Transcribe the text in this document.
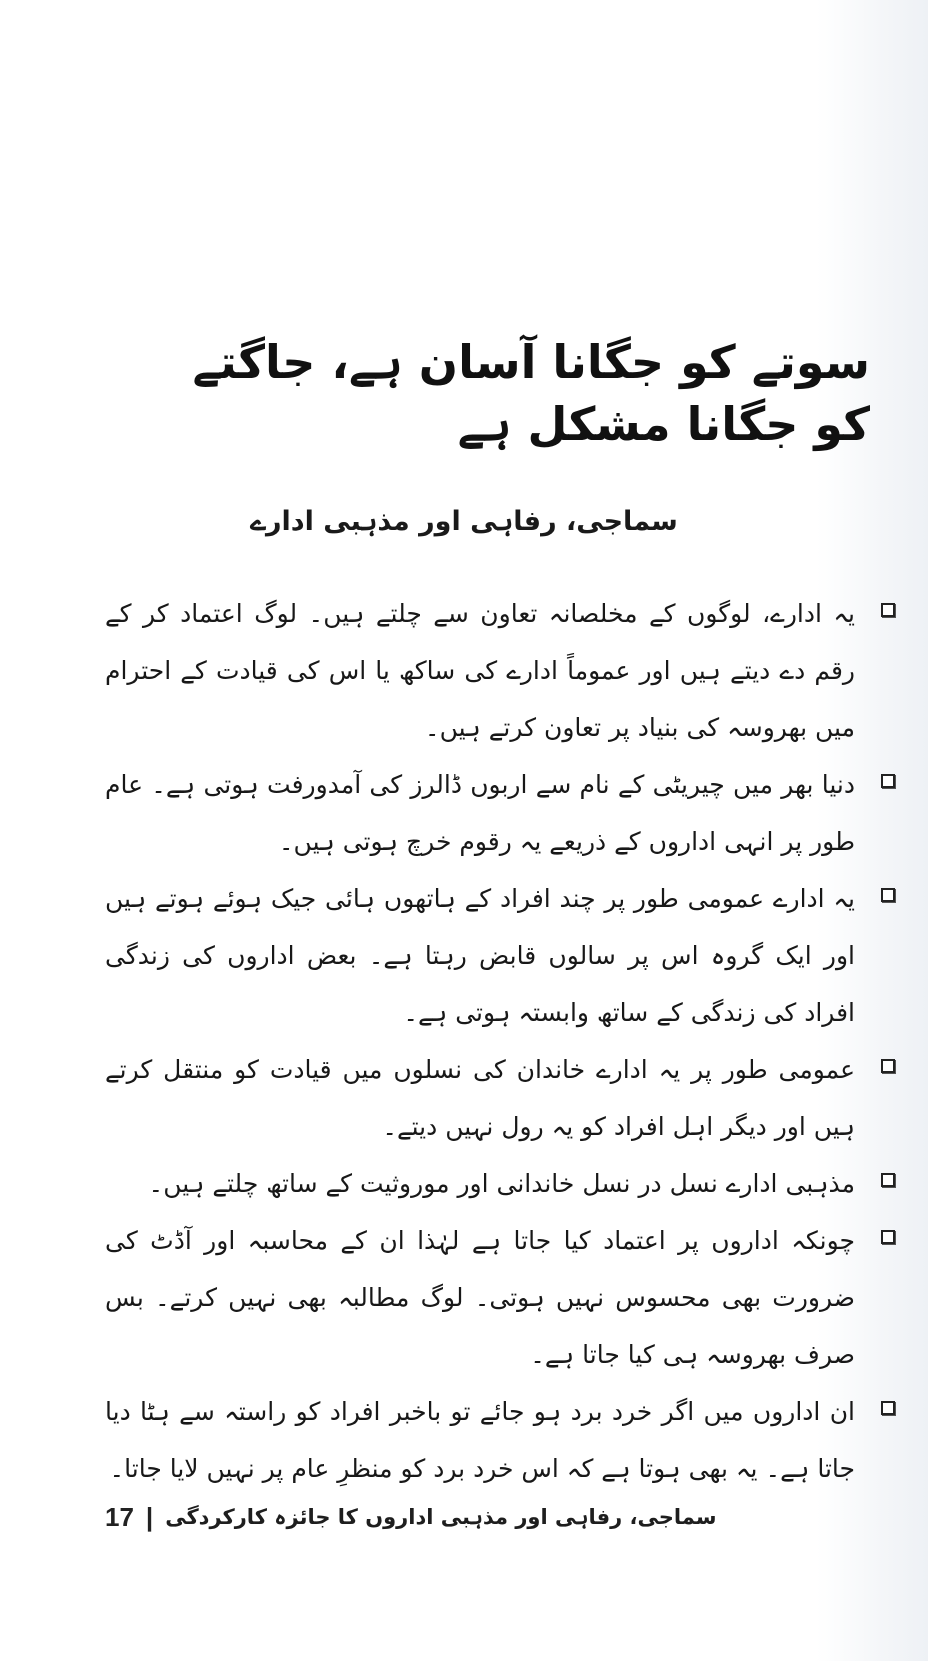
سوتے کو جگانا آسان ہے، جاگتے کو جگانا مشکل ہے
سماجی، رفاہی اور مذہبی ادارے
یہ ادارے، لوگوں کے مخلصانہ تعاون سے چلتے ہیں۔ لوگ اعتماد کر کے رقم دے دیتے ہیں اور عموماً ادارے کی ساکھ یا اس کی قیادت کے احترام میں بھروسہ کی بنیاد پر تعاون کرتے ہیں۔
دنیا بھر میں چیریٹی کے نام سے اربوں ڈالرز کی آمدورفت ہوتی ہے۔ عام طور پر انہی اداروں کے ذریعے یہ رقوم خرچ ہوتی ہیں۔
یہ ادارے عمومی طور پر چند افراد کے ہاتھوں ہائی جیک ہوئے ہوتے ہیں اور ایک گروہ اس پر سالوں قابض رہتا ہے۔ بعض اداروں کی زندگی افراد کی زندگی کے ساتھ وابستہ ہوتی ہے۔
عمومی طور پر یہ ادارے خاندان کی نسلوں میں قیادت کو منتقل کرتے ہیں اور دیگر اہل افراد کو یہ رول نہیں دیتے۔
مذہبی ادارے نسل در نسل خاندانی اور موروثیت کے ساتھ چلتے ہیں۔
چونکہ اداروں پر اعتماد کیا جاتا ہے لہٰذا ان کے محاسبہ اور آڈٹ کی ضرورت بھی محسوس نہیں ہوتی۔ لوگ مطالبہ بھی نہیں کرتے۔ بس صرف بھروسہ ہی کیا جاتا ہے۔
ان اداروں میں اگر خرد برد ہو جائے تو باخبر افراد کو راستہ سے ہٹا دیا جاتا ہے۔ یہ بھی ہوتا ہے کہ اس خرد برد کو منظرِ عام پر نہیں لایا جاتا۔
17 | سماجی، رفاہی اور مذہبی اداروں کا جائزہ کارکردگی
